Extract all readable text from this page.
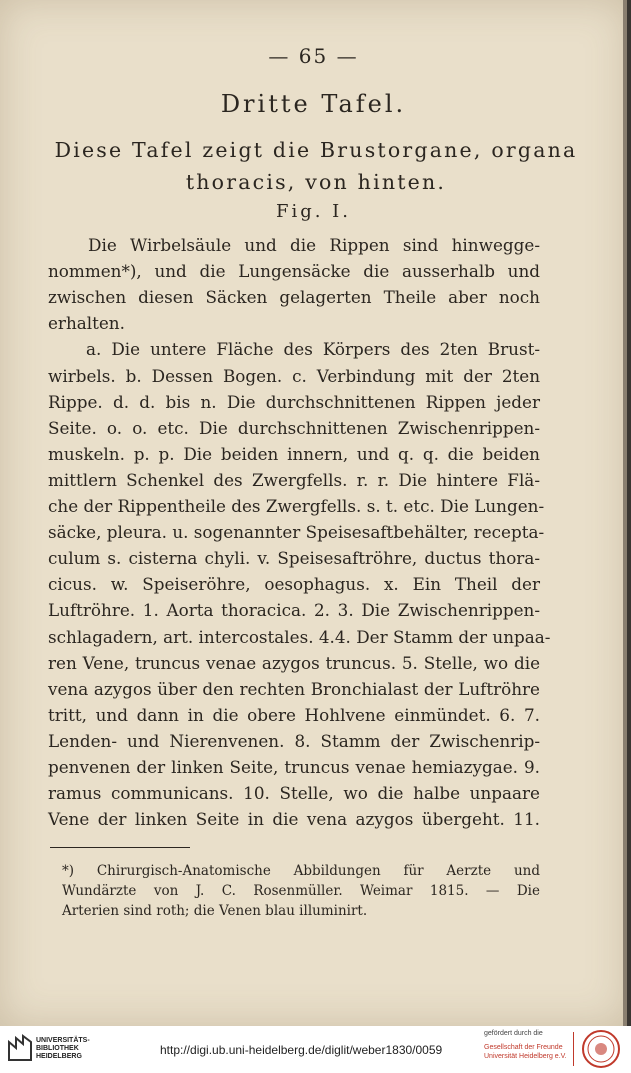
— 65 —
Dritte Tafel.
Diese Tafel zeigt die Brustorgane, organa
thoracis, von hinten.
Fig. I.
Die Wirbelsäule und die Rippen sind hinwegge-
nommen*), und die Lungensäcke die ausserhalb und
zwischen diesen Säcken gelagerten Theile aber noch
erhalten.
a. Die untere Fläche des Körpers des 2ten Brust-
wirbels. b. Dessen Bogen. c. Verbindung mit der 2ten
Rippe. d. d. bis n. Die durchschnittenen Rippen jeder
Seite. o. o. etc. Die durchschnittenen Zwischenrippen-
muskeln. p. p. Die beiden innern, und q. q. die beiden
mittlern Schenkel des Zwergfells. r. r. Die hintere Flä-
che der Rippentheile des Zwergfells. s. t. etc. Die Lungen-
säcke, pleura. u. sogenannter Speisesaftbehälter, recepta-
culum s. cisterna chyli. v. Speisesaftröhre, ductus thora-
cicus. w. Speiseröhre, oesophagus. x. Ein Theil der
Luftröhre. 1. Aorta thoracica. 2. 3. Die Zwischenrippen-
schlagadern, art. intercostales. 4.4. Der Stamm der unpaa-
ren Vene, truncus venae azygos truncus. 5. Stelle, wo die
vena azygos über den rechten Bronchialast der Luftröhre
tritt, und dann in die obere Hohlvene einmündet. 6. 7.
Lenden- und Nierenvenen. 8. Stamm der Zwischenrip-
penvenen der linken Seite, truncus venae hemiazygae. 9.
ramus communicans. 10. Stelle, wo die halbe unpaare
Vene der linken Seite in die vena azygos übergeht. 11.
*) Chirurgisch-Anatomische Abbildungen für Aerzte und
Wundärzte von J. C. Rosenmüller. Weimar 1815. — Die
Arterien sind roth; die Venen blau illuminirt.
UNIVERSITÄTS-
BIBLIOTHEK
HEIDELBERG	http://digi.ub.uni-heidelberg.de/diglit/weber1830/0059
gefördert durch die
Gesellschaft der Freunde
Universität Heidelberg e.V.
